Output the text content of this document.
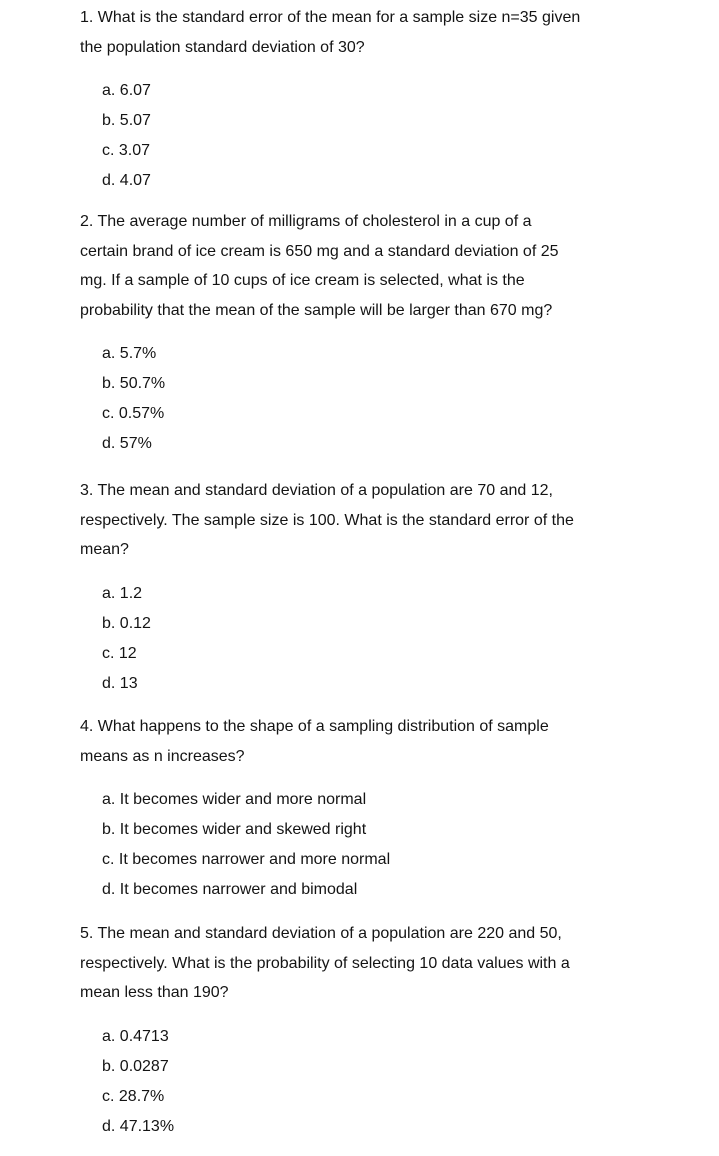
1. What is the standard error of the mean for a sample size n=35 given
the population standard deviation of 30?

a. 6.07
b. 5.07
c. 3.07
d. 4.07

2. The average number of milligrams of cholesterol in a cup of a
certain brand of ice cream is 650 mg and a standard deviation of 25
mg. If a sample of 10 cups of ice cream is selected, what is the
probability that the mean of the sample will be larger than 670 mg?

a. 5.7%
b. 50.7%
c. 0.57%
d. 57%

3. The mean and standard deviation of a population are 70 and 12,
respectively. The sample size is 100. What is the standard error of the
mean?

a. 1.2
b. 0.12
c. 12
d. 13

4. What happens to the shape of a sampling distribution of sample
means as n increases?

a. It becomes wider and more normal
b. It becomes wider and skewed right
c. It becomes narrower and more normal
d. It becomes narrower and bimodal

5. The mean and standard deviation of a population are 220 and 50,
respectively. What is the probability of selecting 10 data values with a
mean less than 190?

a. 0.4713
b. 0.0287
c. 28.7%
d. 47.13%
